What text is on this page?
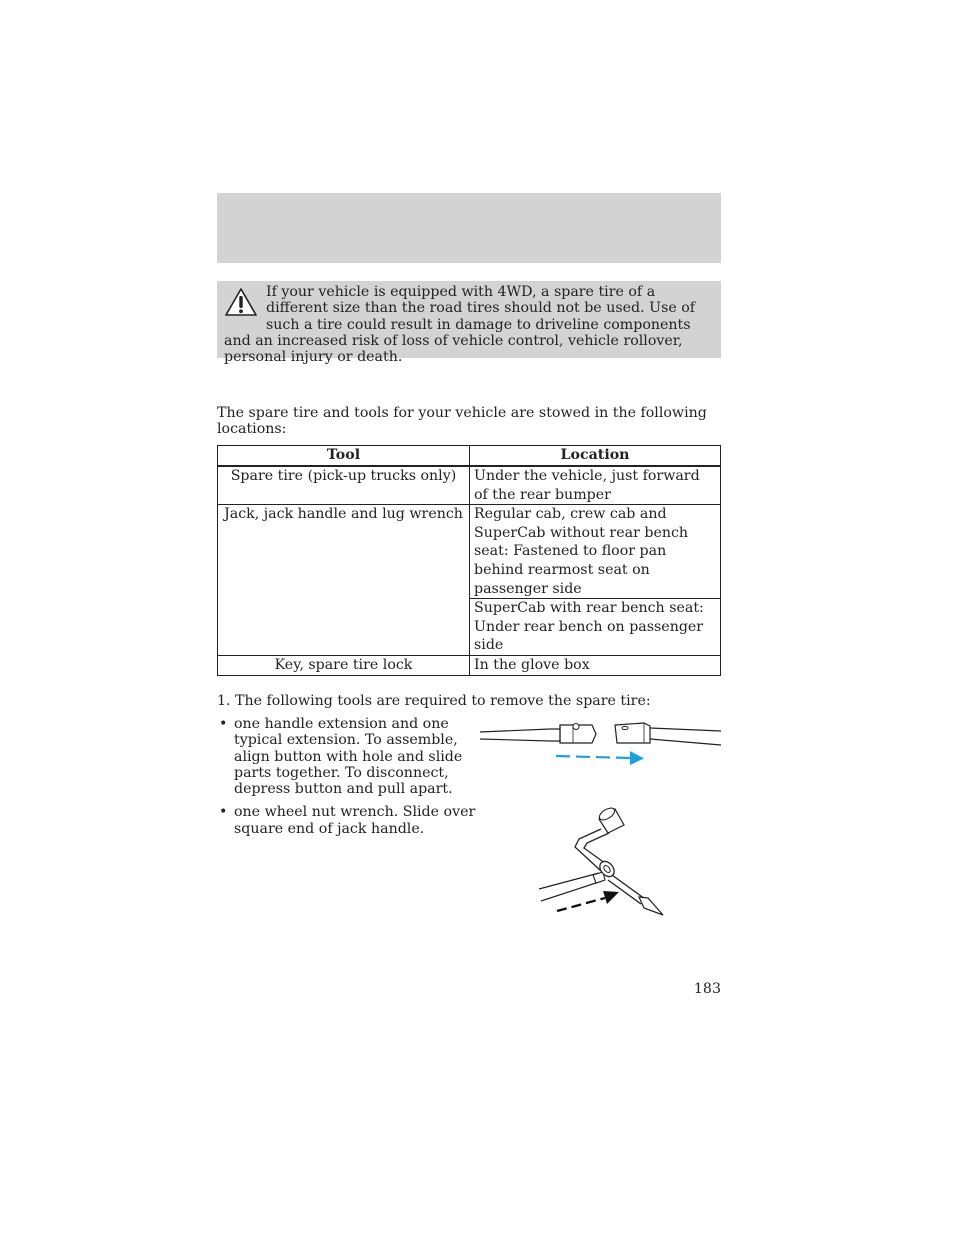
If your vehicle is equipped with 4WD, a spare tire of a different size than the road tires should not be used. Use of such a tire could result in damage to driveline components and an increased risk of loss of vehicle control, vehicle rollover, personal injury or death.

The spare tire and tools for your vehicle are stowed in the following locations:

Tool	Location
Spare tire (pick-up trucks only)	Under the vehicle, just forward of the rear bumper
Jack, jack handle and lug wrench	Regular cab, crew cab and SuperCab without rear bench seat: Fastened to floor pan behind rearmost seat on passenger side
	SuperCab with rear bench seat: Under rear bench on passenger side
Key, spare tire lock	In the glove box

1. The following tools are required to remove the spare tire:

• one handle extension and one typical extension. To assemble, align button with hole and slide parts together. To disconnect, depress button and pull apart.
• one wheel nut wrench. Slide over square end of jack handle.

183
